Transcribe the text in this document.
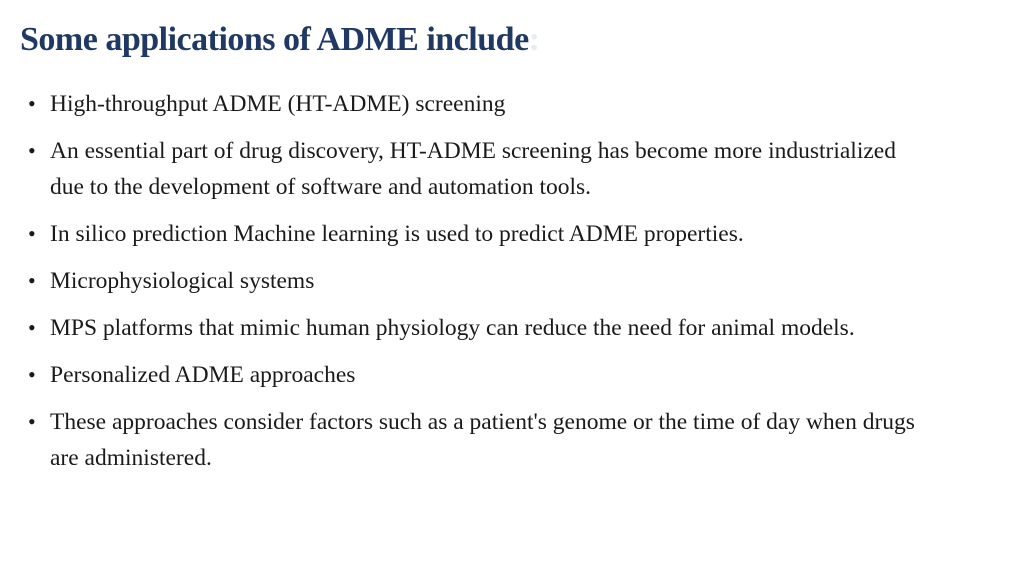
Some applications of ADME include:
• High-throughput ADME (HT-ADME) screening
• An essential part of drug discovery, HT-ADME screening has become more industrialized due to the development of software and automation tools.
• In silico prediction Machine learning is used to predict ADME properties.
• Microphysiological systems
• MPS platforms that mimic human physiology can reduce the need for animal models.
• Personalized ADME approaches
• These approaches consider factors such as a patient's genome or the time of day when drugs are administered.
